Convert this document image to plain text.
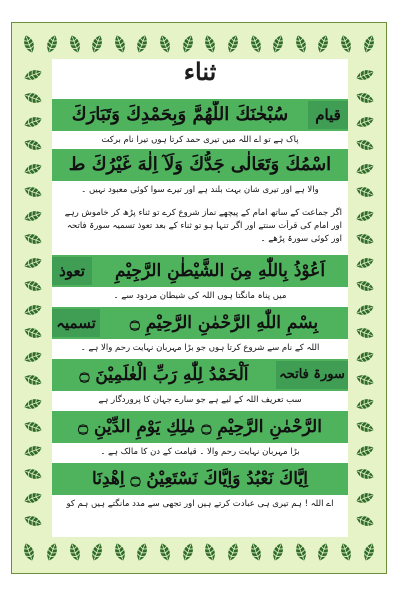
ثناء
قیام
سُبْحٰنَكَ اللّٰهُمَّ وَبِحَمْدِكَ وَتَبَارَكَ
پاک ہے تو اے اللہ میں تیری حمد کرتا ہوں تیرا نام برکت
اسْمُكَ وَتَعَالٰى جَدُّكَ وَلَآ اِلٰهَ غَيْرُكَ ط
والا ہے اور تیری شان بہت بلند ہے اور تیرے سوا کوئی معبود نہیں ۔
اگر جماعت کے ساتھ امام کے پیچھے نماز شروع کرے تو ثناء پڑھ کر خاموش رہے
اور امام کی قرأت سنتے اور اگر تنہا ہو تو ثناء کے بعد تعوذ تسمیہ سورۃ فاتحہ
اور کوئی سورۃ پڑھے ۔
تعوذ	اَعُوْذُ بِاللّٰهِ مِنَ الشَّيْطٰنِ الرَّجِيْمِ
میں پناہ مانگتا ہوں اللہ کی شیطان مردود سے ۔
تسمیہ	بِسْمِ اللّٰهِ الرَّحْمٰنِ الرَّحِيْمِ ۝
اللہ کے نام سے شروع کرتا ہوں جو بڑا مہربان نہایت رحم والا ہے ۔
سورۃ فاتحہ
اَلْحَمْدُ لِلّٰهِ رَبِّ الْعٰلَمِيْنَ ۝
سب تعریف اللہ کے لیے ہے جو سارے جہان کا پروردگار ہے
الرَّحْمٰنِ الرَّحِيْمِ ۝ مٰلِكِ يَوْمِ الدِّيْنِ ۝
بڑا مہربان نہایت رحم والا ۔ قیامت کے دن کا مالک ہے ۔
اِيَّاكَ نَعْبُدُ وَاِيَّاكَ نَسْتَعِيْنُ ۝ اِهْدِنَا
اے اللہ ! ہم تیری ہی عبادت کرتے ہیں اور تجھی سے مدد مانگتے ہیں ہم کو
